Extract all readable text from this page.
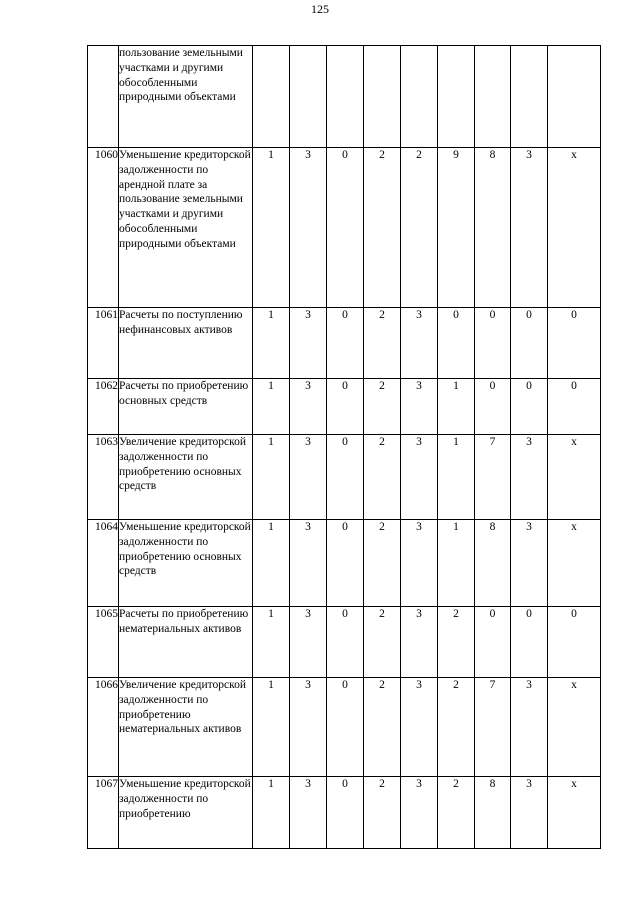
125
	пользование земельными участками и другими обособленными природными объектами									
1060	Уменьшение кредиторской задолженности по арендной плате за пользование земельными участками и другими обособленными природными объектами	1	3	0	2	2	9	8	3	х
1061	Расчеты по поступлению нефинансовых активов	1	3	0	2	3	0	0	0	0
1062	Расчеты по приобретению основных средств	1	3	0	2	3	1	0	0	0
1063	Увеличение кредиторской задолженности по приобретению основных средств	1	3	0	2	3	1	7	3	х
1064	Уменьшение кредиторской задолженности по приобретению основных средств	1	3	0	2	3	1	8	3	х
1065	Расчеты по приобретению нематериальных активов	1	3	0	2	3	2	0	0	0
1066	Увеличение кредиторской задолженности по приобретению нематериальных активов	1	3	0	2	3	2	7	3	х
1067	Уменьшение кредиторской задолженности по приобретению	1	3	0	2	3	2	8	3	х
